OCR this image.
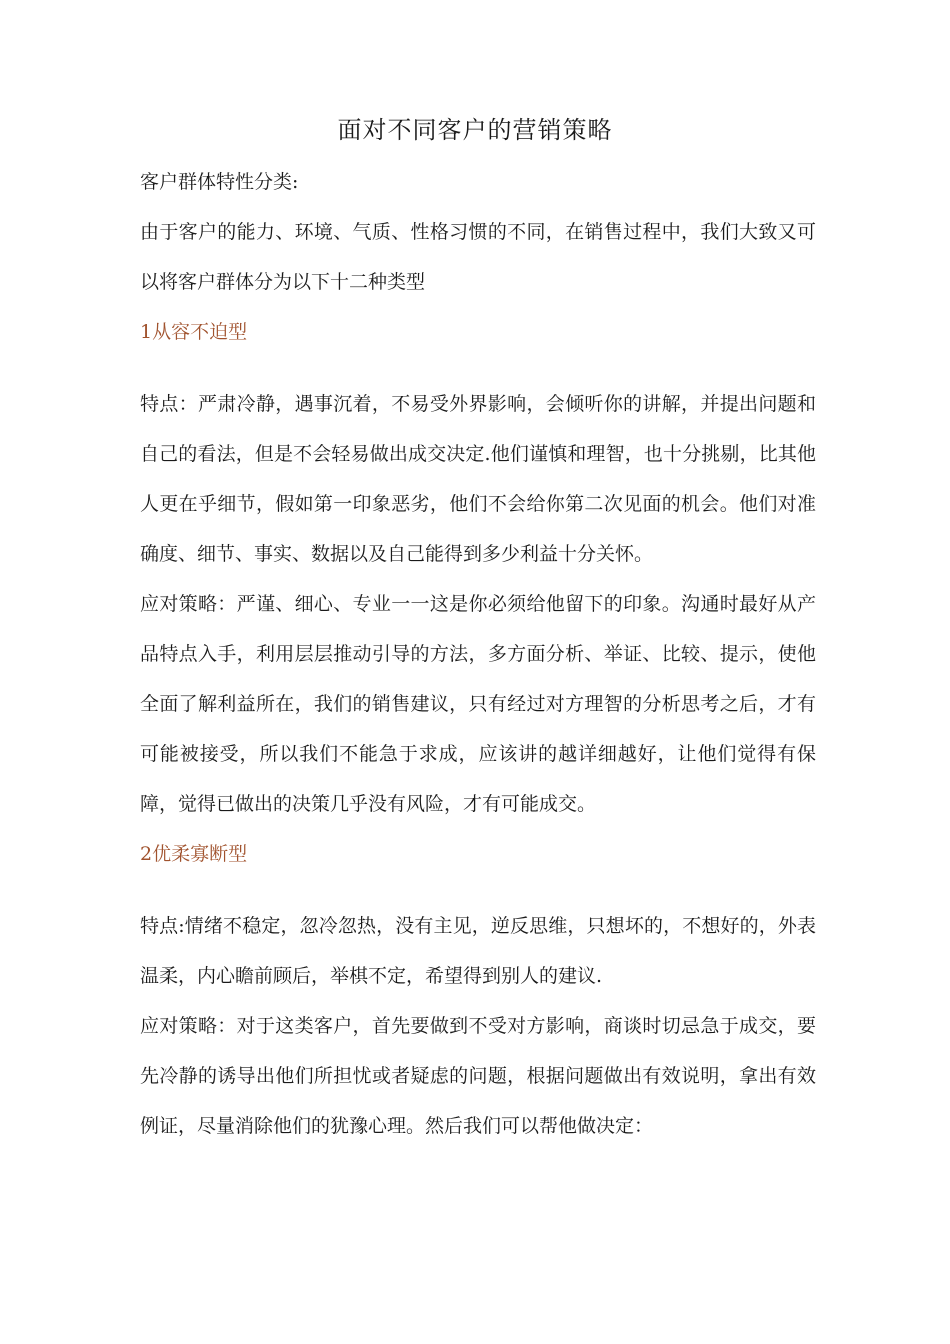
面对不同客户的营销策略

客户群体特性分类:

由于客户的能力、环境、气质、性格习惯的不同，在销售过程中，我们大致又可以将客户群体分为以下十二种类型

1从容不迫型

特点：严肃冷静，遇事沉着，不易受外界影响，会倾听你的讲解，并提出问题和自己的看法，但是不会轻易做出成交决定.他们谨慎和理智，也十分挑剔，比其他人更在乎细节，假如第一印象恶劣，他们不会给你第二次见面的机会。他们对准确度、细节、事实、数据以及自己能得到多少利益十分关怀。

应对策略：严谨、细心、专业一一这是你必须给他留下的印象。沟通时最好从产品特点入手，利用层层推动引导的方法，多方面分析、举证、比较、提示，使他全面了解利益所在，我们的销售建议，只有经过对方理智的分析思考之后，才有可能被接受，所以我们不能急于求成，应该讲的越详细越好，让他们觉得有保障，觉得已做出的决策几乎没有风险，才有可能成交。

2优柔寡断型

特点:情绪不稳定，忽冷忽热，没有主见，逆反思维，只想坏的，不想好的，外表温柔，内心瞻前顾后，举棋不定，希望得到别人的建议.

应对策略：对于这类客户，首先要做到不受对方影响，商谈时切忌急于成交，要先冷静的诱导出他们所担忧或者疑虑的问题，根据问题做出有效说明，拿出有效例证，尽量消除他们的犹豫心理。然后我们可以帮他做决定：
